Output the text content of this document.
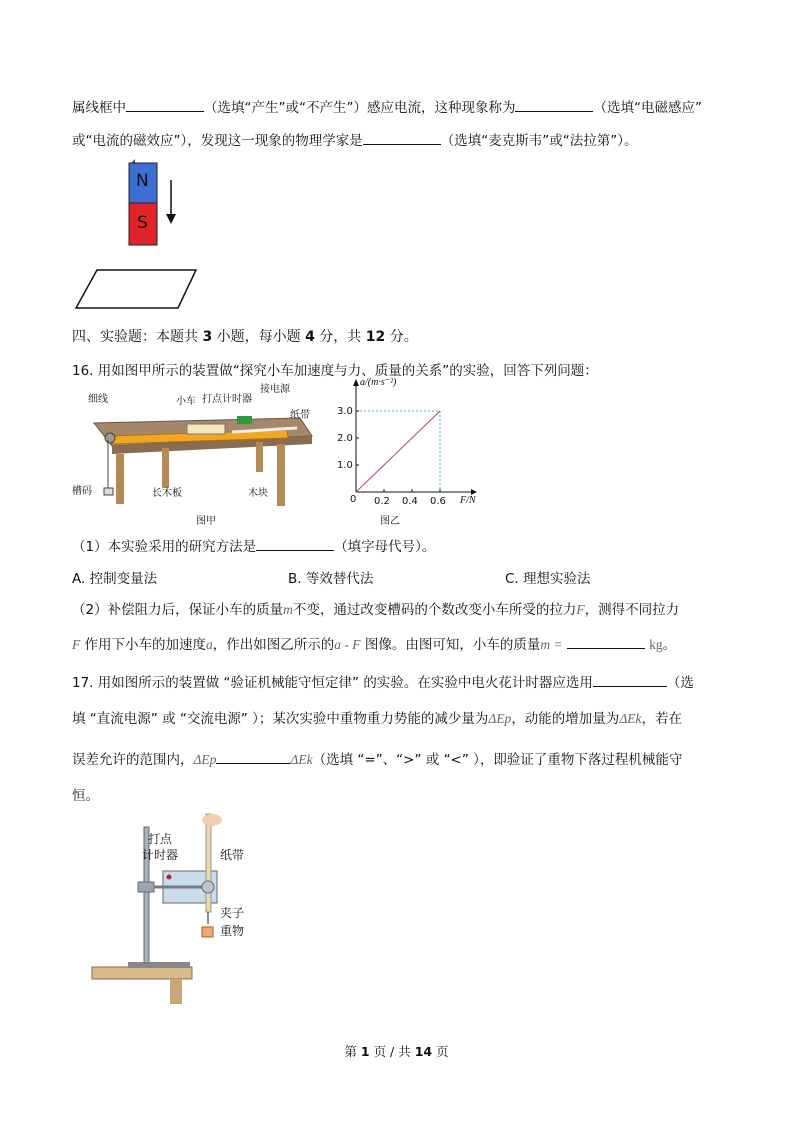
属线框中	（选填“产生”或“不产生”）感应电流，这种现象称为	（选填“电磁感应”
或“电流的磁效应”），发现这一现象的物理学家是	（选填“麦克斯韦”或“法拉第”）。
N
S
四、实验题：本题共 3 小题，每小题 4 分，共 12 分。
16. 用如图甲所示的装置做“探究小车加速度与力、质量的关系”的实验，回答下列问题：
细线	小车 打点计时器
接电源
纸带
槽码	长木板	木块
图甲
a/(m·s⁻²)
F/N
0
1.0
2.0
3.0
0.2 0.4 0.6
图乙
（1）本实验采用的研究方法是	（填字母代号）。
A. 控制变量法	B. 等效替代法	C. 理想实验法
（2）补偿阻力后，保证小车的质量m不变，通过改变槽码的个数改变小车所受的拉力F，测得不同拉力
F 作用下小车的加速度a，作出如图乙所示的a - F 图像。由图可知，小车的质量m =	kg。
17. 用如图所示的装置做 “验证机械能守恒定律” 的实验。在实验中电火花计时器应选用	（选
填 “直流电源” 或 “交流电源” ）；某次实验中重物重力势能的减少量为ΔEp，动能的增加量为ΔEk，若在
误差允许的范围内，ΔEp	ΔEk（选填 “=”、“>” 或 “<” ），即验证了重物下落过程机械能守
恒。
打点
计时器	纸带
夹子
重物
第 1 页 / 共 14 页
